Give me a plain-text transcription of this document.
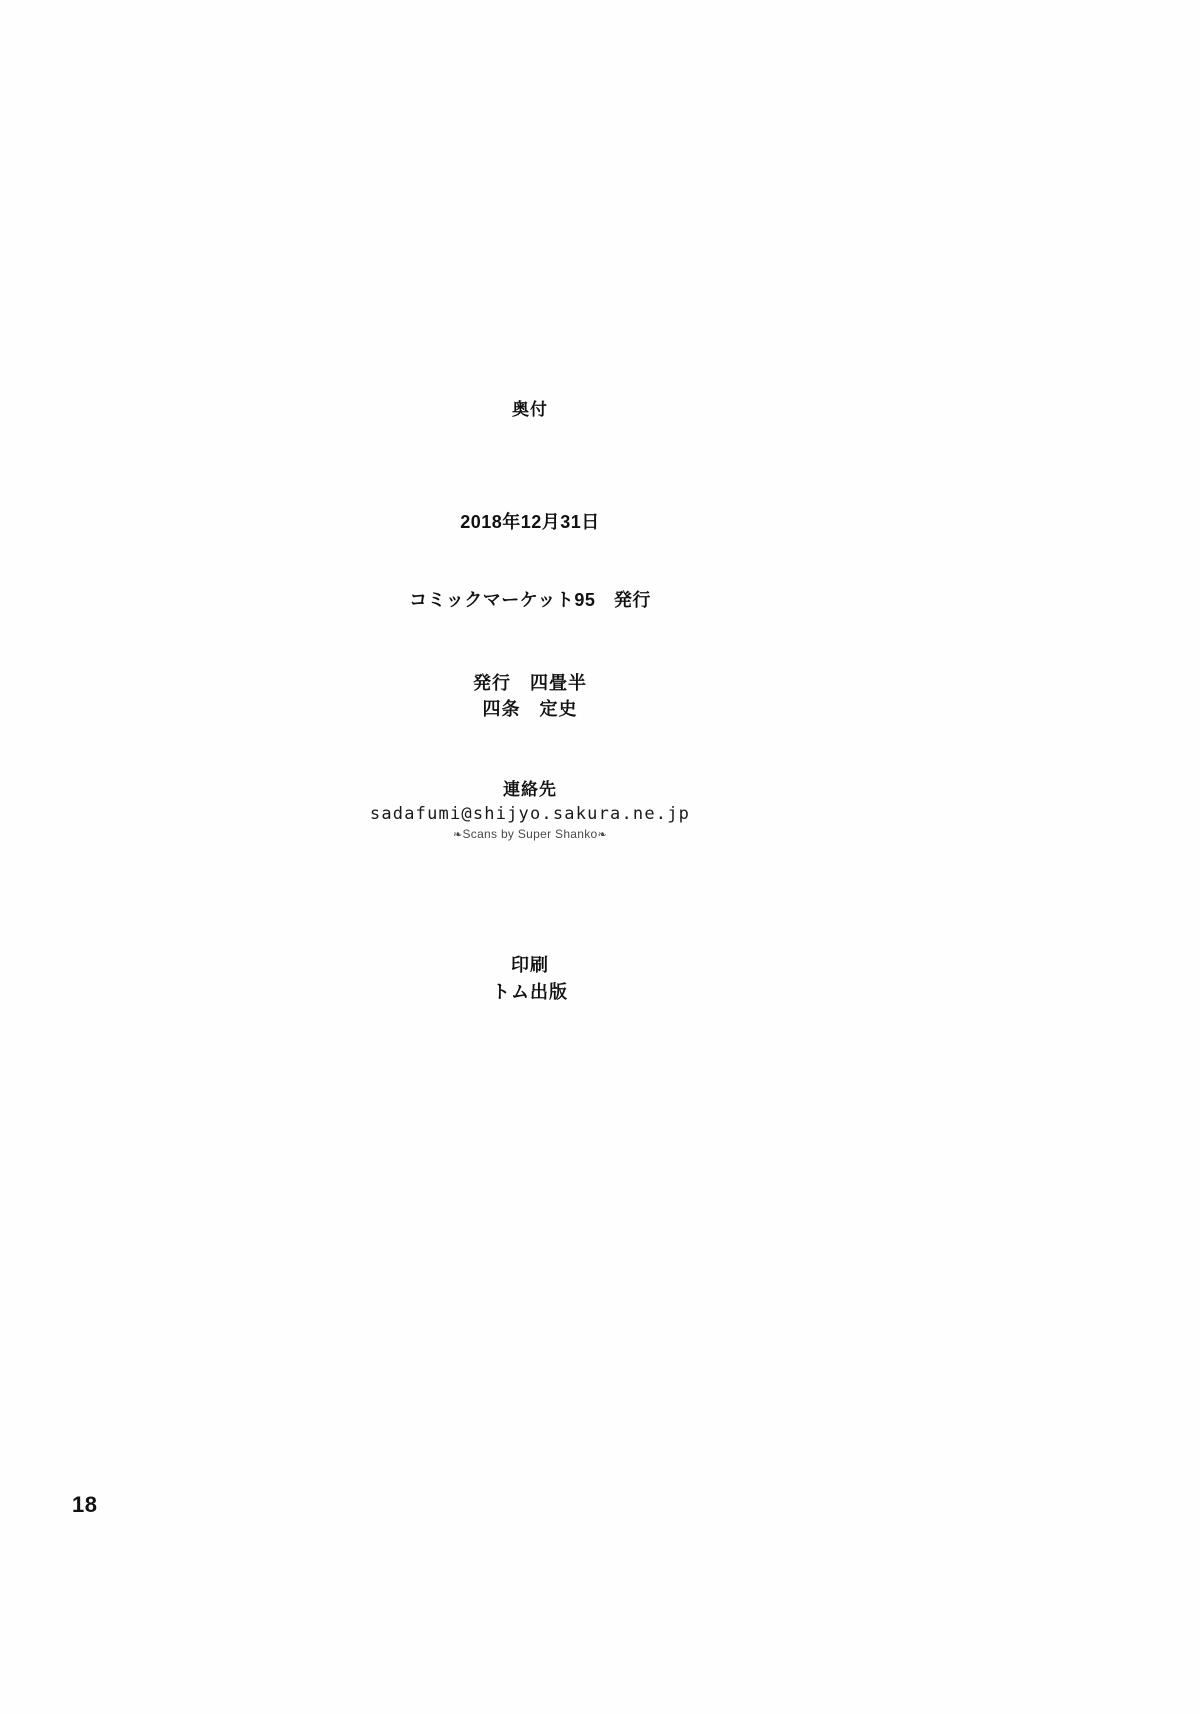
奥付
2018年12月31日
コミックマーケット95　発行
発行　四畳半
四条　定史
連絡先
sadafumi@shijyo.sakura.ne.jp
❧Scans by Super Shanko❧
印刷
トム出版
18
